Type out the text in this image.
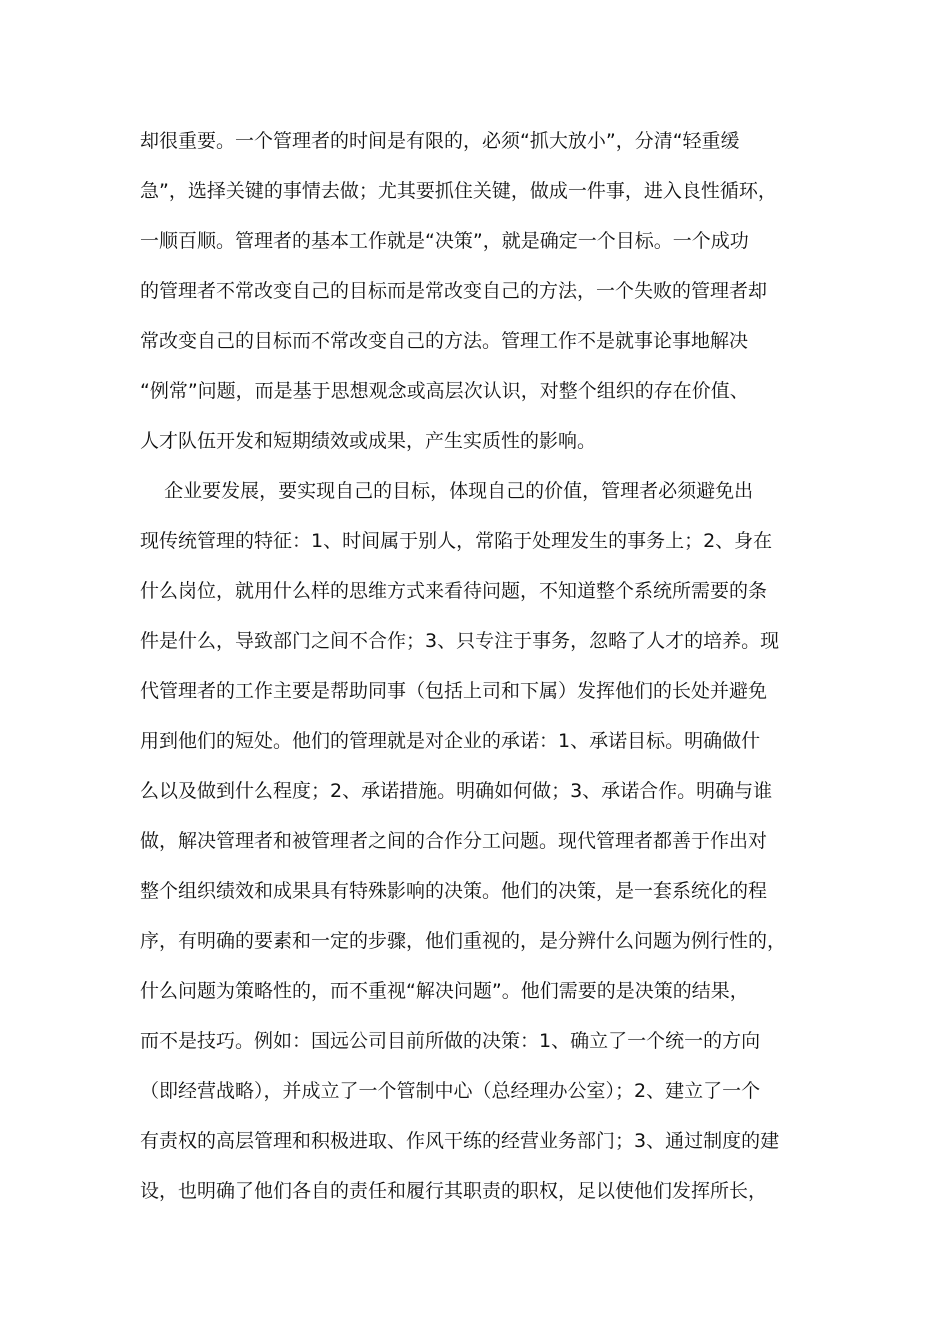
却很重要。一个管理者的时间是有限的，必须“抓大放小”，分清“轻重缓
急”，选择关键的事情去做；尤其要抓住关键，做成一件事，进入良性循环，
一顺百顺。管理者的基本工作就是“决策”，就是确定一个目标。一个成功
的管理者不常改变自己的目标而是常改变自己的方法，一个失败的管理者却
常改变自己的目标而不常改变自己的方法。管理工作不是就事论事地解决
“例常”问题，而是基于思想观念或高层次认识，对整个组织的存在价值、
人才队伍开发和短期绩效或成果，产生实质性的影响。
企业要发展，要实现自己的目标，体现自己的价值，管理者必须避免出
现传统管理的特征：1、时间属于别人，常陷于处理发生的事务上；2、身在
什么岗位，就用什么样的思维方式来看待问题，不知道整个系统所需要的条
件是什么，导致部门之间不合作；3、只专注于事务，忽略了人才的培养。现
代管理者的工作主要是帮助同事（包括上司和下属）发挥他们的长处并避免
用到他们的短处。他们的管理就是对企业的承诺：1、承诺目标。明确做什
么以及做到什么程度；2、承诺措施。明确如何做；3、承诺合作。明确与谁
做，解决管理者和被管理者之间的合作分工问题。现代管理者都善于作出对
整个组织绩效和成果具有特殊影响的决策。他们的决策，是一套系统化的程
序，有明确的要素和一定的步骤，他们重视的，是分辨什么问题为例行性的，
什么问题为策略性的，而不重视“解决问题”。他们需要的是决策的结果，
而不是技巧。例如：国远公司目前所做的决策：1、确立了一个统一的方向
（即经营战略），并成立了一个管制中心（总经理办公室）；2、建立了一个
有责权的高层管理和积极进取、作风干练的经营业务部门；3、通过制度的建
设，也明确了他们各自的责任和履行其职责的职权，足以使他们发挥所长，
